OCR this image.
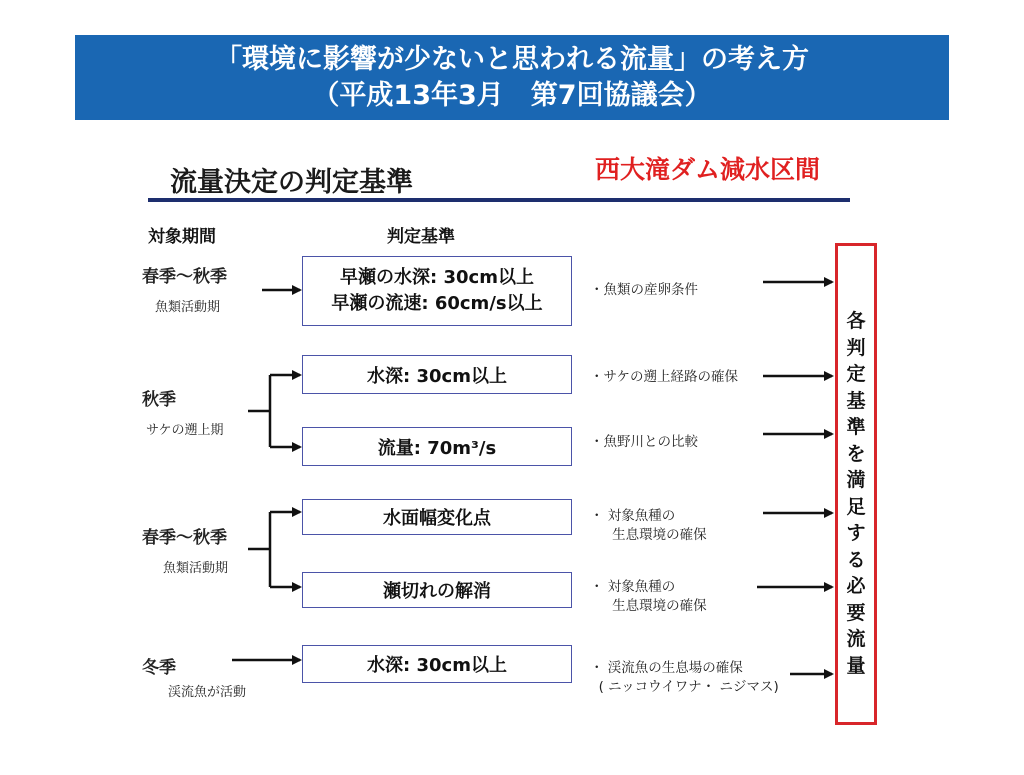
「環境に影響が少ないと思われる流量」の考え方
（平成13年3月　第7回協議会）
流量決定の判定基準	西大滝ダム減水区間
対象期間	判定基準
春季～秋季
魚類活動期
秋季
サケの遡上期
春季～秋季
魚類活動期
冬季
渓流魚が活動
早瀬の水深: 30cm以上
早瀬の流速: 60cm/s以上
水深: 30cm以上
流量: 70m³/s
水面幅変化点
瀬切れの解消
水深: 30cm以上
・魚類の産卵条件
・サケの遡上経路の確保
・魚野川との比較
・ 対象魚種の
　  生息環境の確保
・ 対象魚種の
　  生息環境の確保
・ 渓流魚の生息場の確保
( ニッコウイワナ・ ニジマス)
各
判
定
基
準
を
満
足
す
る
必
要
流
量
